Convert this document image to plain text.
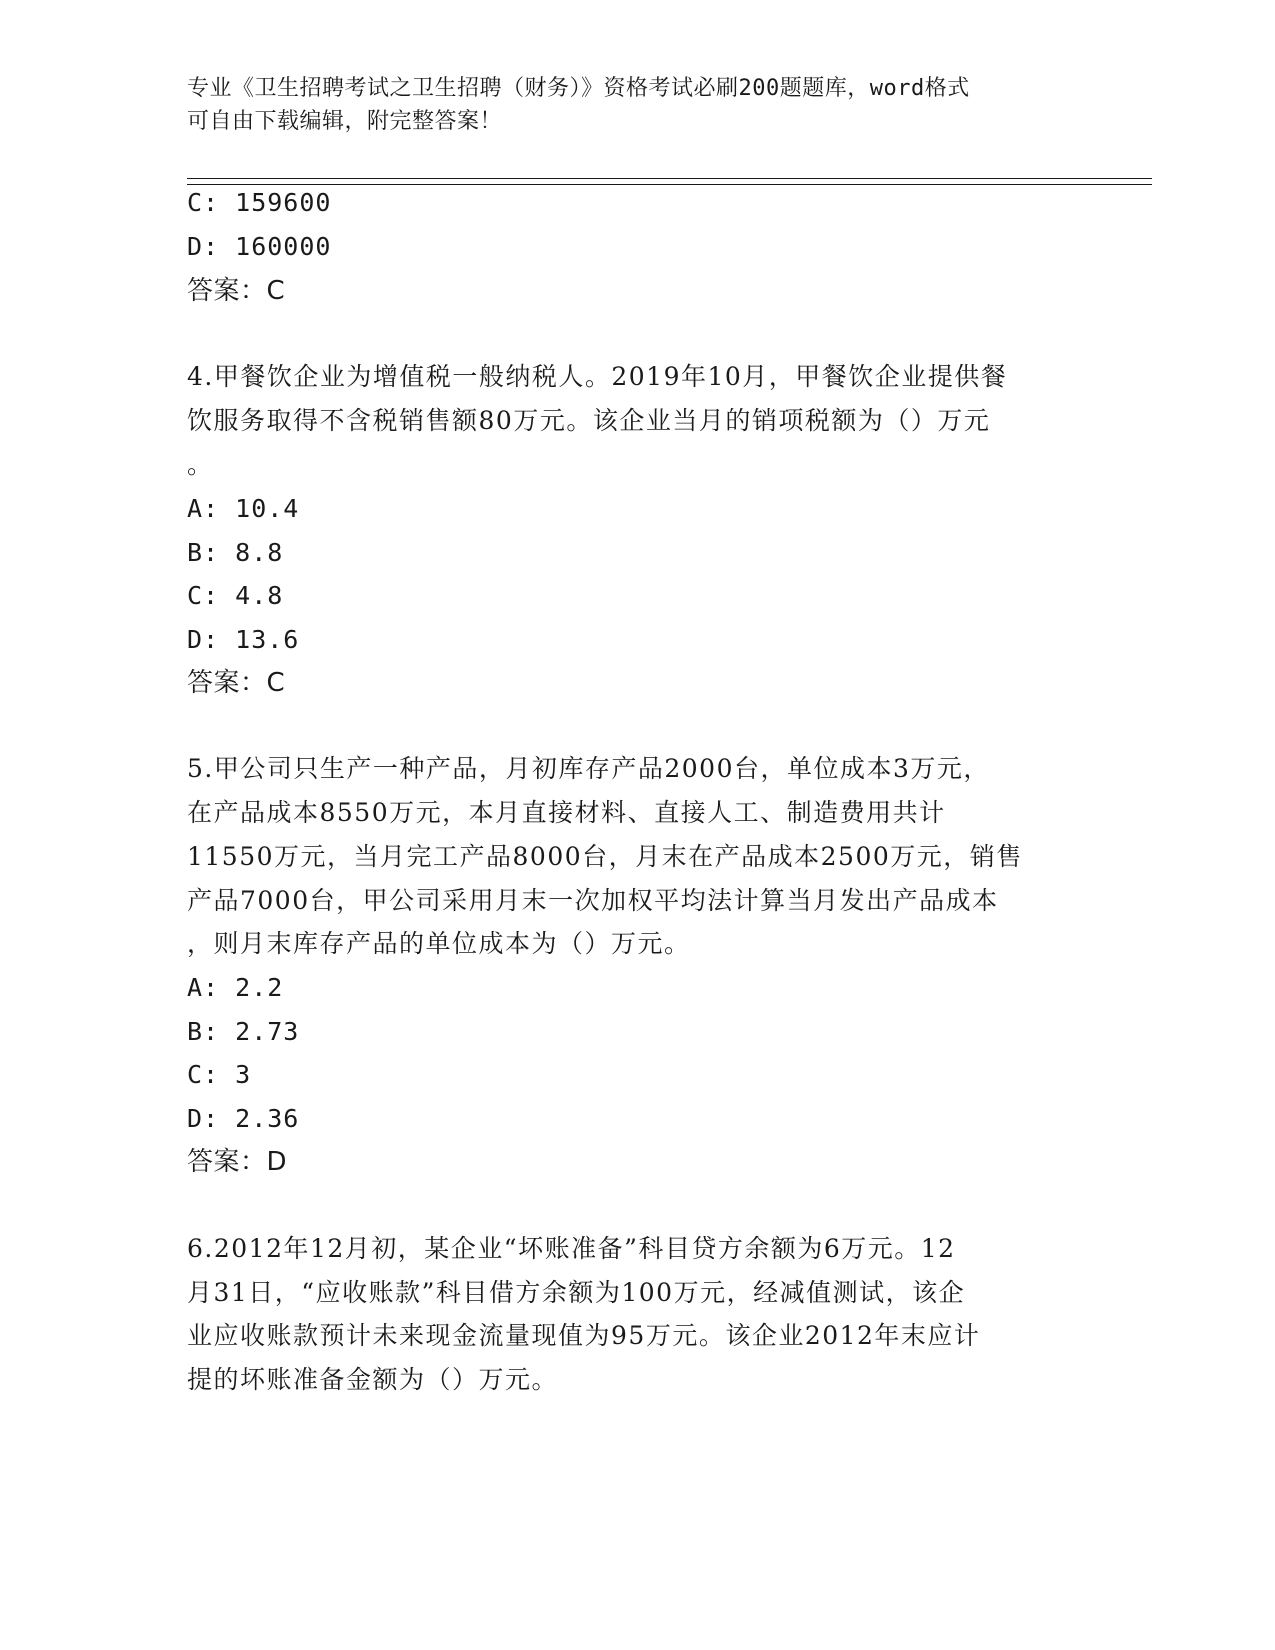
专业《卫生招聘考试之卫生招聘（财务）》资格考试必刷200题题库，word格式
可自由下载编辑，附完整答案！
C: 159600
D: 160000
答案：C
4.甲餐饮企业为增值税一般纳税人。2019年10月，甲餐饮企业提供餐
饮服务取得不含税销售额80万元。该企业当月的销项税额为（）万元
。
A: 10.4
B: 8.8
C: 4.8
D: 13.6
答案：C
5.甲公司只生产一种产品，月初库存产品2000台，单位成本3万元，
在产品成本8550万元，本月直接材料、直接人工、制造费用共计
11550万元，当月完工产品8000台，月末在产品成本2500万元，销售
产品7000台，甲公司采用月末一次加权平均法计算当月发出产品成本
，则月末库存产品的单位成本为（）万元。
A: 2.2
B: 2.73
C: 3
D: 2.36
答案：D
6.2012年12月初，某企业“坏账准备”科目贷方余额为6万元。12
月31日，“应收账款”科目借方余额为100万元，经减值测试，该企
业应收账款预计未来现金流量现值为95万元。该企业2012年末应计
提的坏账准备金额为（）万元。
